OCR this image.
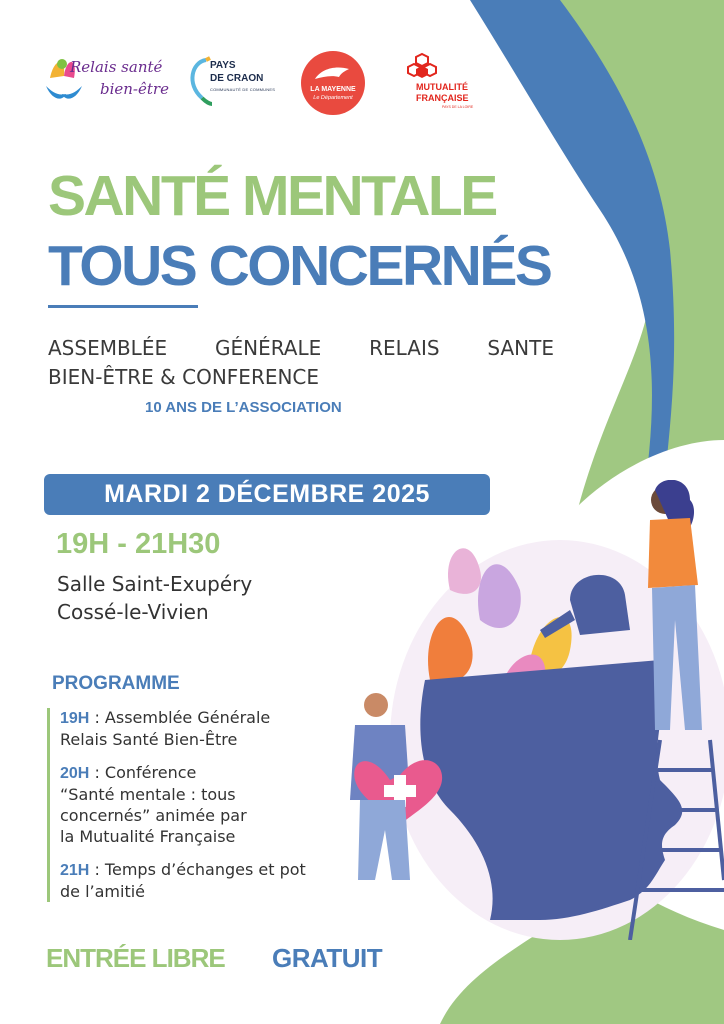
Relais santé
bien-être
PAYS
DE CRAON
COMMUNAUTÉ DE COMMUNES	LA MAYENNE
Le Département
MUTUALITÉ
FRANÇAISE
PAYS DE LA LOIRE
SANTÉ MENTALE
TOUS CONCERNÉS
ASSEMBLÉE GÉNÉRALE RELAIS SANTE
BIEN-ÊTRE & CONFERENCE
10 ANS DE L’ASSOCIATION
MARDI 2 DÉCEMBRE 2025
19H - 21H30
Salle Saint-Exupéry
Cossé-le-Vivien
PROGRAMME
19H : Assemblée Générale
Relais Santé Bien-Être
20H : Conférence
“Santé mentale : tous
concernés” animée par
la Mutualité Française
21H : Temps d’échanges et pot
de l’amitié
ENTRÉE LIBRE GRATUIT
